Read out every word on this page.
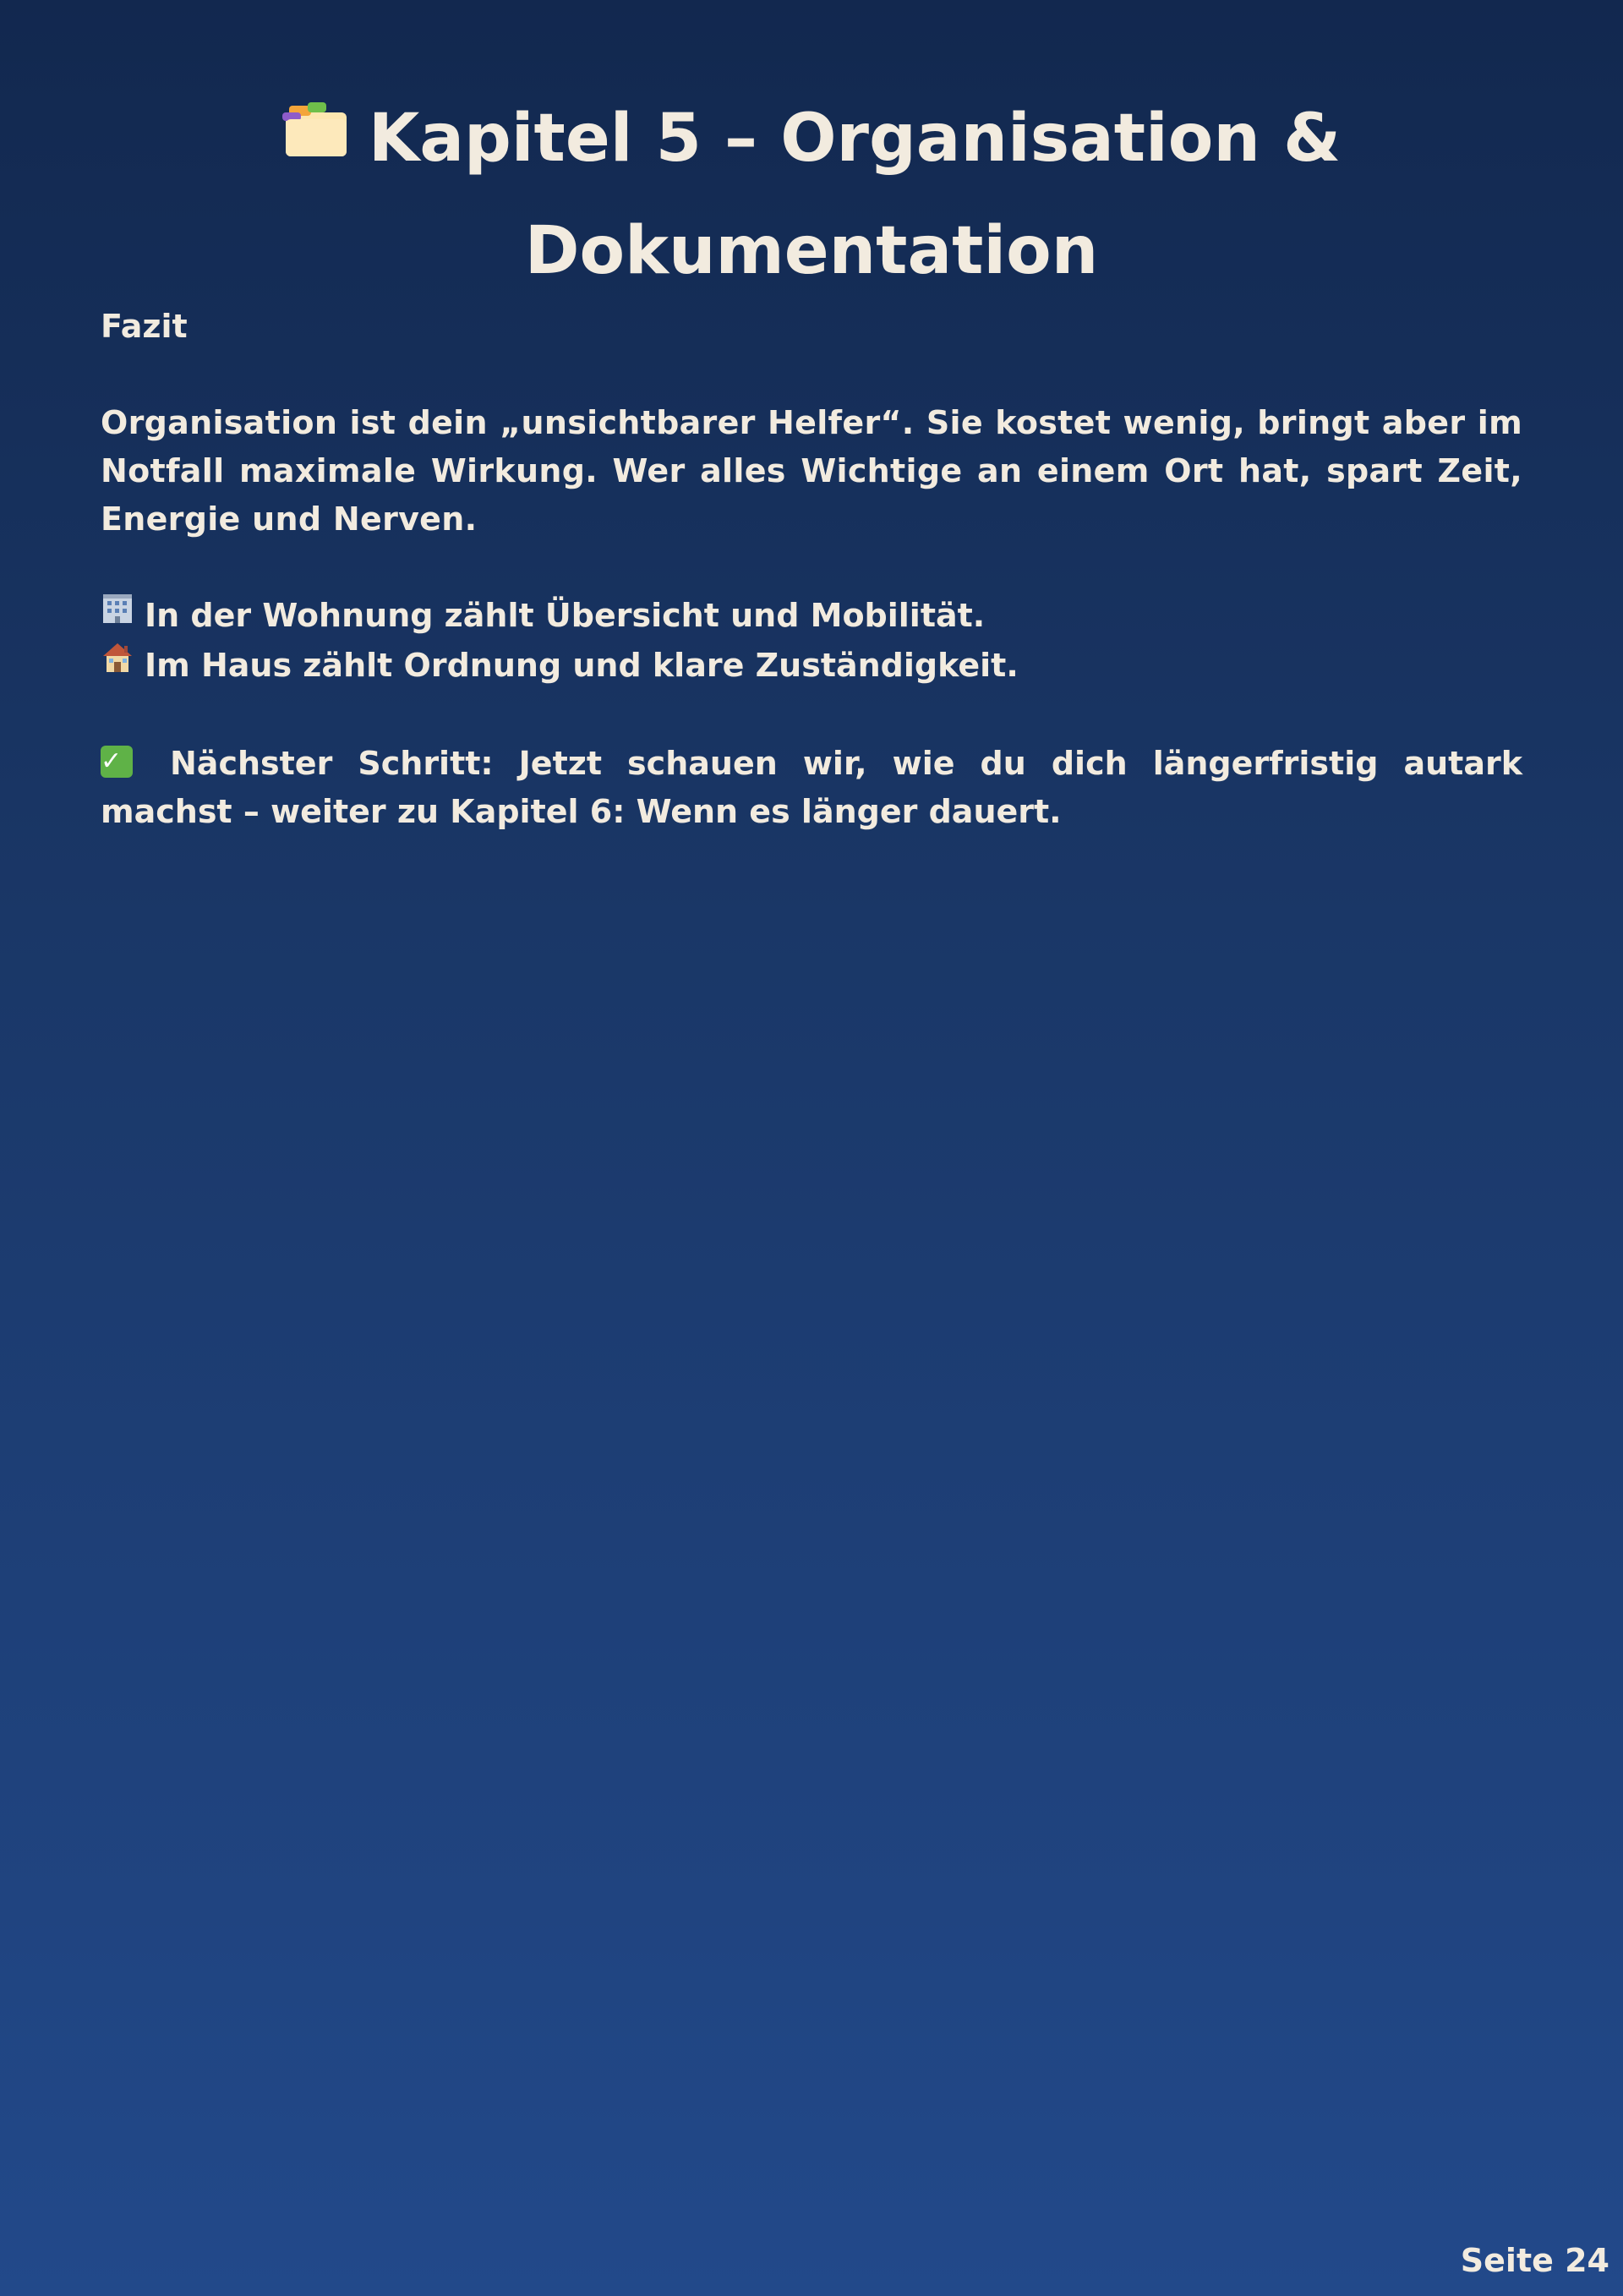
Kapitel 5 – Organisation &
Dokumentation

Fazit

Organisation ist dein „unsichtbarer Helfer“. Sie kostet wenig, bringt aber im Notfall maximale Wirkung. Wer alles Wichtige an einem Ort hat, spart Zeit, Energie und Nerven.

In der Wohnung zählt Übersicht und Mobilität.

Im Haus zählt Ordnung und klare Zuständigkeit.

✓ Nächster Schritt: Jetzt schauen wir, wie du dich längerfristig autark machst – weiter zu Kapitel 6: Wenn es länger dauert.

Seite 24
